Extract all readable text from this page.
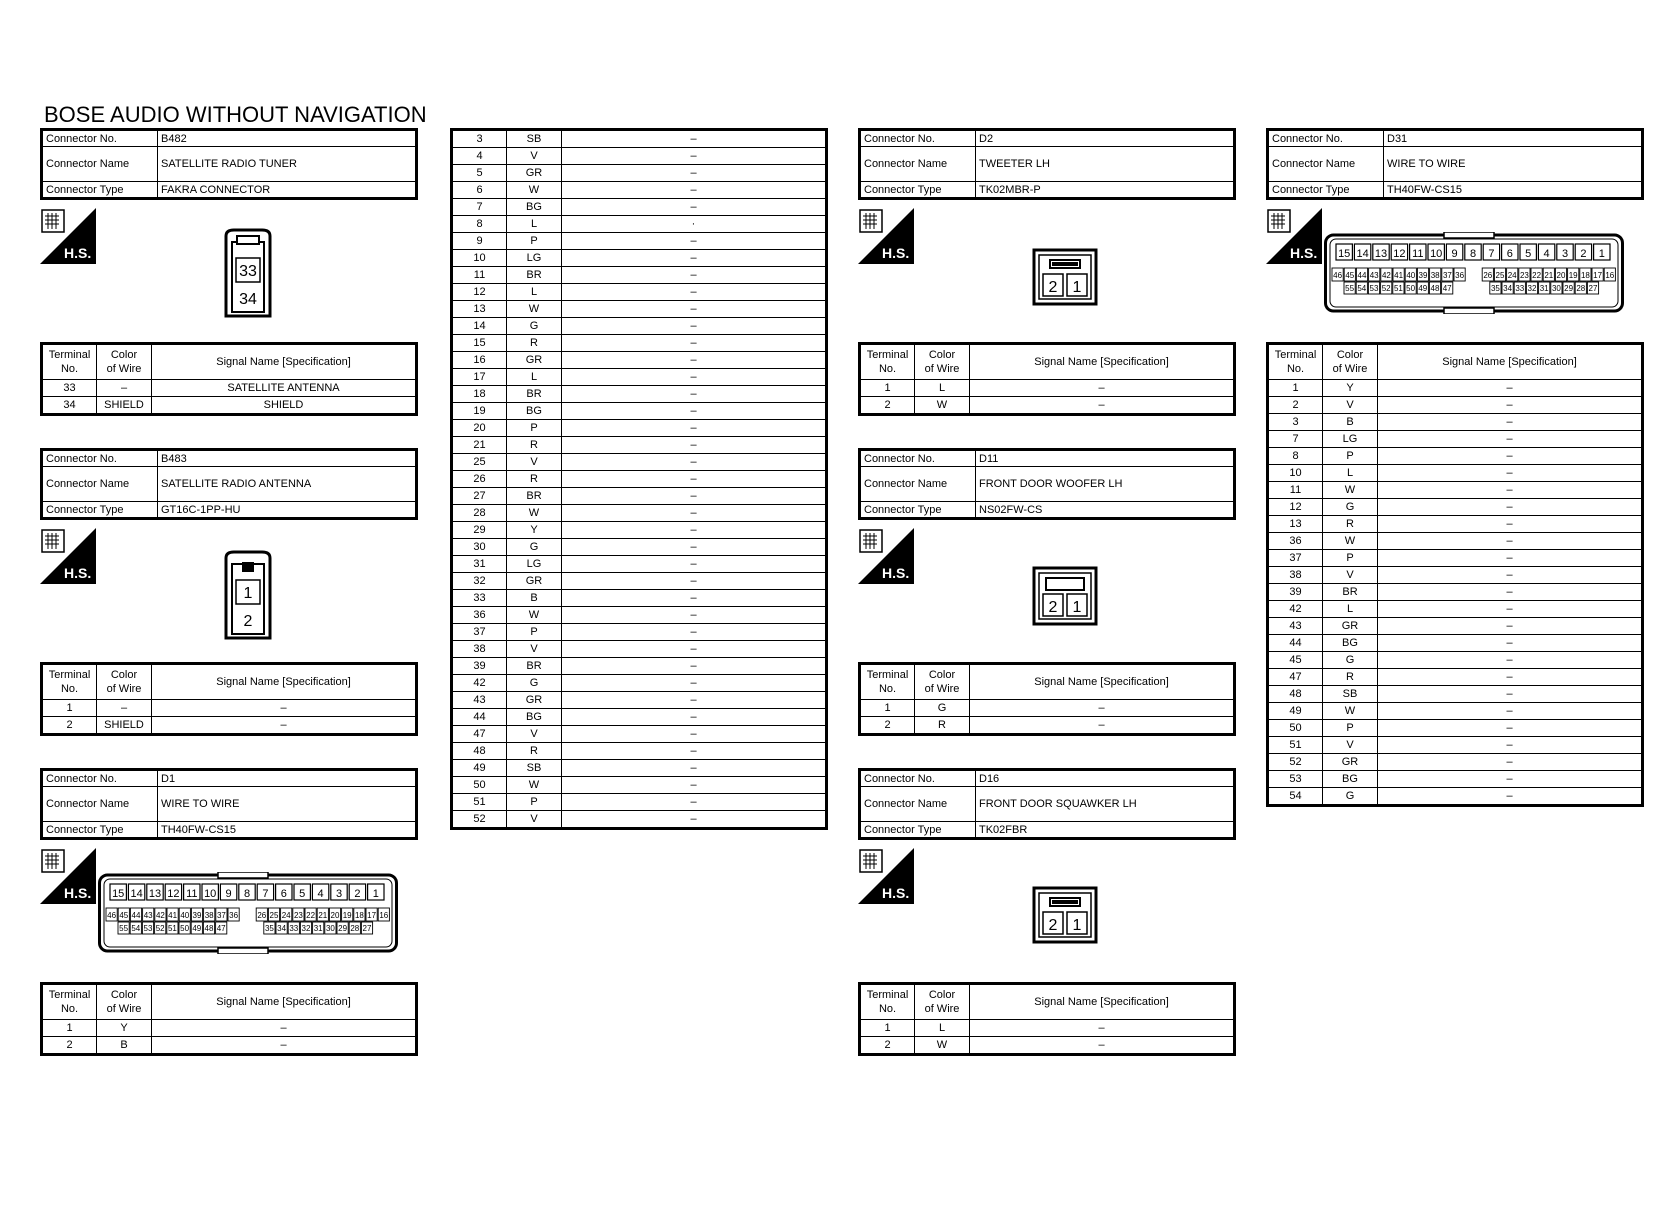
BOSE AUDIO WITHOUT NAVIGATION
Connector No.	B482
Connector Name	SATELLITE RADIO TUNER
Connector Type	FAKRA CONNECTOR
H.S.
33
34
Terminal
No.	Color
of Wire	Signal Name [Specification]
33	–	SATELLITE ANTENNA
34	SHIELD	SHIELD
Connector No.	B483
Connector Name	SATELLITE RADIO ANTENNA
Connector Type	GT16C-1PP-HU
H.S.
1
2
Terminal
No.	Color
of Wire	Signal Name [Specification]
1	–	–
2	SHIELD	–
Connector No.	D1
Connector Name	WIRE TO WIRE
Connector Type	TH40FW-CS15
H.S. 15 14 13 12 11 10 9 8 7 6 5 4 3 2 1
46 45 44 43 42 41 40 39 38 37 36 26 25 24 23 22 21 20 19 18 17 16
55 54 53 52 51 50 49 48 47	35 34 33 32 31 30 29 28 27
Terminal
No.	Color
of Wire	Signal Name [Specification]
1	Y	–
2	B	–
3	SB	–
4	V	–
5	GR	–
6	W	–
7	BG	–
8	L	·
9	P	–
10	LG	–
11	BR	–
12	L	–
13	W	–
14	G	–
15	R	–
16	GR	–
17	L	–
18	BR	–
19	BG	–
20	P	–
21	R	–
25	V	–
26	R	–
27	BR	–
28	W	–
29	Y	–
30	G	–
31	LG	–
32	GR	–
33	B	–
36	W	–
37	P	–
38	V	–
39	BR	–
42	G	–
43	GR	–
44	BG	–
47	V	–
48	R	–
49	SB	–
50	W	–
51	P	–
52	V	–
Connector No.	D2
Connector Name	TWEETER LH
Connector Type	TK02MBR-P
H.S.
2 1
Terminal
No.	Color
of Wire	Signal Name [Specification]
1	L	–
2	W	–
Connector No.	D11
Connector Name	FRONT DOOR WOOFER LH
Connector Type	NS02FW-CS
H.S.
2 1
Terminal
No.	Color
of Wire	Signal Name [Specification]
1	G	–
2	R	–
Connector No.	D16
Connector Name	FRONT DOOR SQUAWKER LH
Connector Type	TK02FBR
H.S.
2 1
Terminal
No.	Color
of Wire	Signal Name [Specification]
1	L	–
2	W	–
Connector No.	D31
Connector Name	WIRE TO WIRE
Connector Type	TH40FW-CS15
H.S. 15 14 13 12 11 10 9 8 7 6 5 4 3 2 1
46 45 44 43 42 41 40 39 38 37 36 26 25 24 23 22 21 20 19 18 17 16
55 54 53 52 51 50 49 48 47	35 34 33 32 31 30 29 28 27
Terminal
No.	Color
of Wire	Signal Name [Specification]
1	Y	–
2	V	–
3	B	–
7	LG	–
8	P	–
10	L	–
11	W	–
12	G	–
13	R	–
36	W	–
37	P	–
38	V	–
39	BR	–
42	L	–
43	GR	–
44	BG	–
45	G	–
47	R	–
48	SB	–
49	W	–
50	P	–
51	V	–
52	GR	–
53	BG	–
54	G	–
